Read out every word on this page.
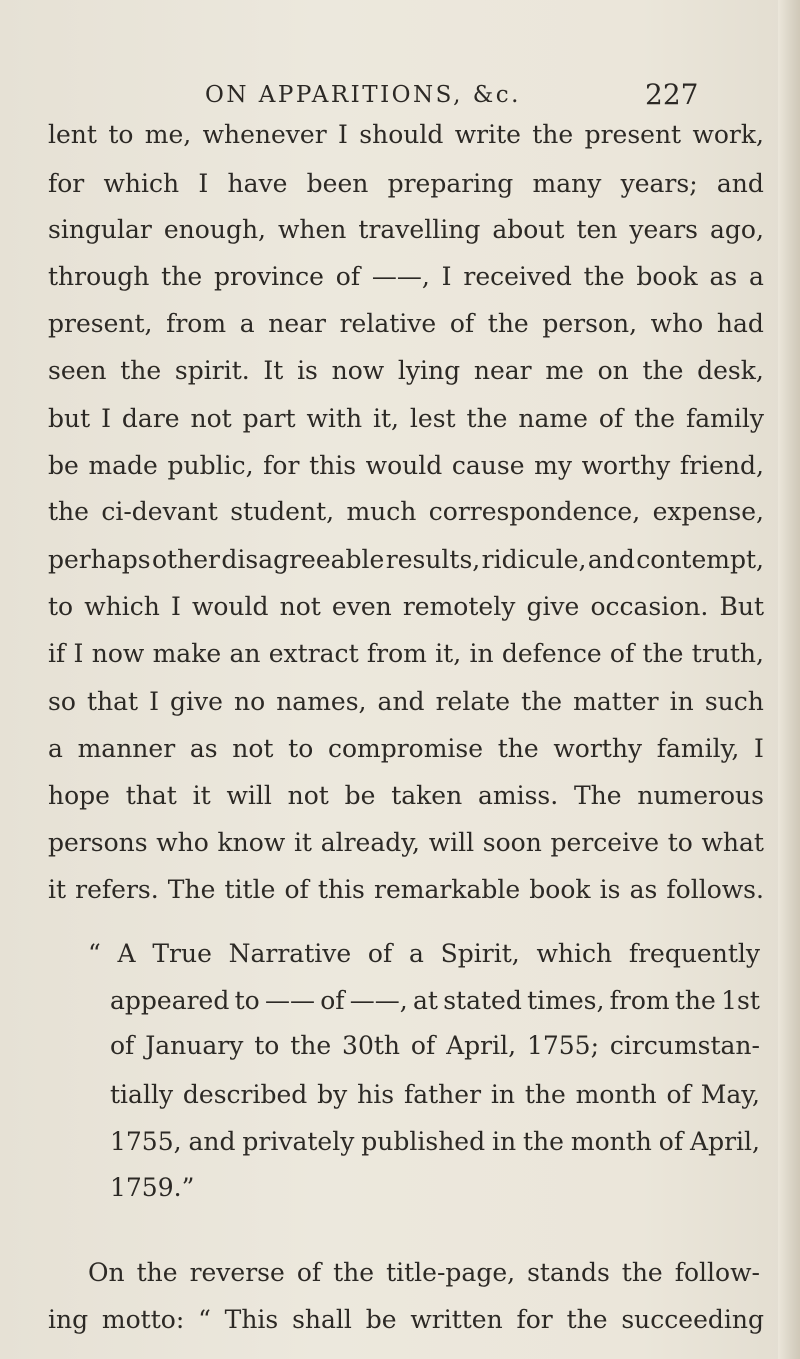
ON APPARITIONS, &c.	227
lent to me, whenever I should write the present work,
for which I have been preparing many years; and
singular enough, when travelling about ten years ago,
through the province of ——, I received the book as a
present, from a near relative of the person, who had
seen the spirit. It is now lying near me on the desk,
but I dare not part with it, lest the name of the family
be made public, for this would cause my worthy friend,
the ci-devant student, much correspondence, expense,
perhaps other disagreeable results, ridicule, and contempt,
to which I would not even remotely give occasion. But
if I now make an extract from it, in defence of the truth,
so that I give no names, and relate the matter in such
a manner as not to compromise the worthy family, I
hope that it will not be taken amiss. The numerous
persons who know it already, will soon perceive to what
it refers. The title of this remarkable book is as follows.
“ A True Narrative of a Spirit, which frequently
appeared to —— of ——, at stated times, from the 1st
of January to the 30th of April, 1755; circumstan-
tially described by his father in the month of May,
1755, and privately published in the month of April,
1759.”
On the reverse of the title-page, stands the follow-
ing motto: “ This shall be written for the succeeding
